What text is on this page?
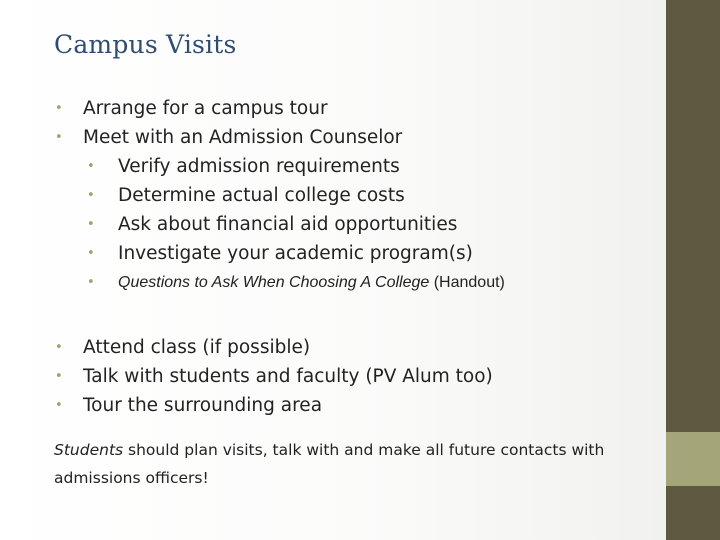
Campus Visits
• Arrange for a campus tour
• Meet with an Admission Counselor
• Verify admission requirements
• Determine actual college costs
• Ask about financial aid opportunities
• Investigate your academic program(s)
• Questions to Ask When Choosing A College (Handout)
• Attend class (if possible)
• Talk with students and faculty (PV Alum too)
• Tour the surrounding area
Students should plan visits, talk with and make all future contacts with admissions officers!
